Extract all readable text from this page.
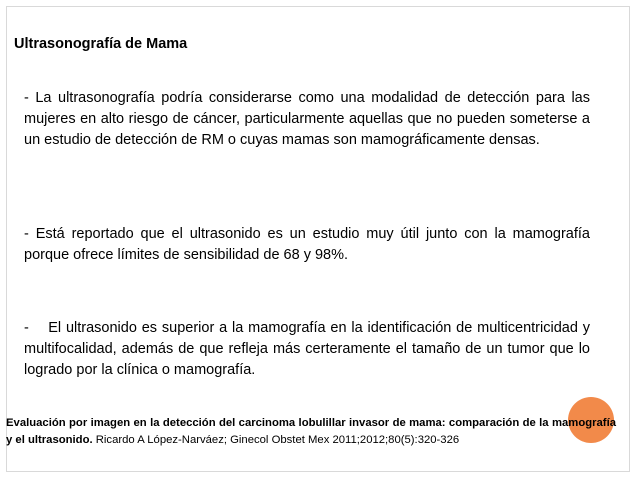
Ultrasonografía de Mama
- La ultrasonografía podría considerarse como una modalidad de detección para las mujeres en alto riesgo de cáncer, particularmente aquellas que no pueden someterse a un estudio de detección de RM o cuyas mamas son mamográficamente densas.
- Está reportado que el ultrasonido es un estudio muy útil junto con la mamografía porque ofrece límites de sensibilidad de 68 y 98%.
-    El ultrasonido es superior a la mamografía en la identificación de multicentricidad y multifocalidad, además de que refleja más certeramente el tamaño de un tumor que lo logrado por la clínica o mamografía.
Evaluación por imagen en la detección del carcinoma lobulillar invasor de mama: comparación de la mamografía y el ultrasonido. Ricardo A López-Narváez; Ginecol Obstet Mex 2011;2012;80(5):320-326
